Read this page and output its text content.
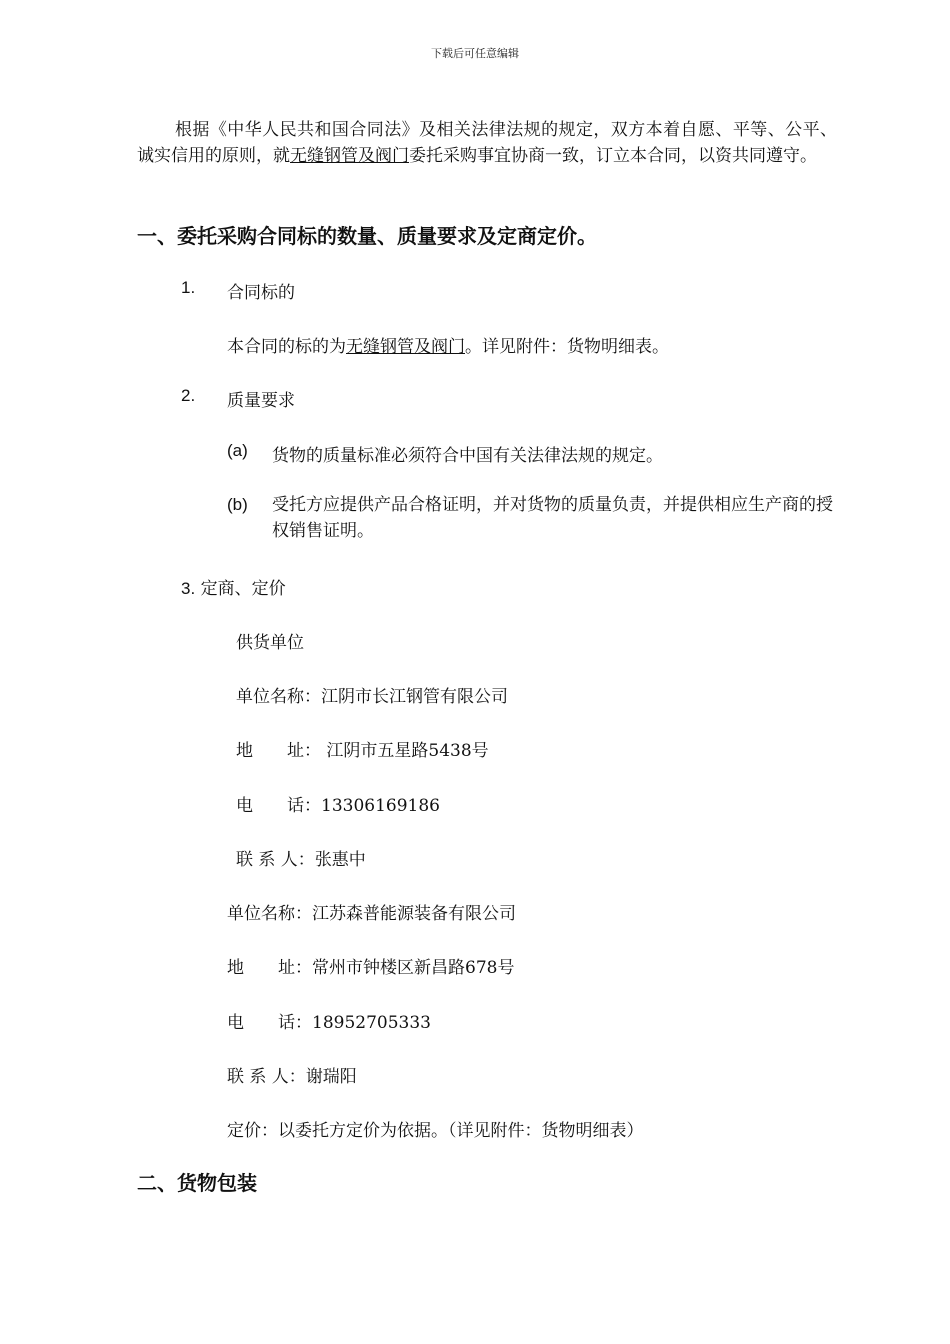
下载后可任意编辑
根据《中华人民共和国合同法》及相关法律法规的规定，双方本着自愿、平等、公平、诚实信用的原则，就无缝钢管及阀门委托采购事宜协商一致，订立本合同，以资共同遵守。
一、委托采购合同标的数量、质量要求及定商定价。
1. 合同标的
本合同的标的为无缝钢管及阀门。详见附件：货物明细表。
2. 质量要求
(a) 货物的质量标准必须符合中国有关法律法规的规定。
(b) 受托方应提供产品合格证明，并对货物的质量负责，并提供相应生产商的授权销售证明。
3. 定商、定价
供货单位
单位名称：江阴市长江钢管有限公司
地　　址： 江阴市五星路5438号
电　　话：13306169186
联 系 人：张惠中
单位名称：江苏森普能源装备有限公司
地　　址：常州市钟楼区新昌路678号
电　　话：18952705333
联 系 人：谢瑞阳
定价：以委托方定价为依据。（详见附件：货物明细表）
二、货物包装
